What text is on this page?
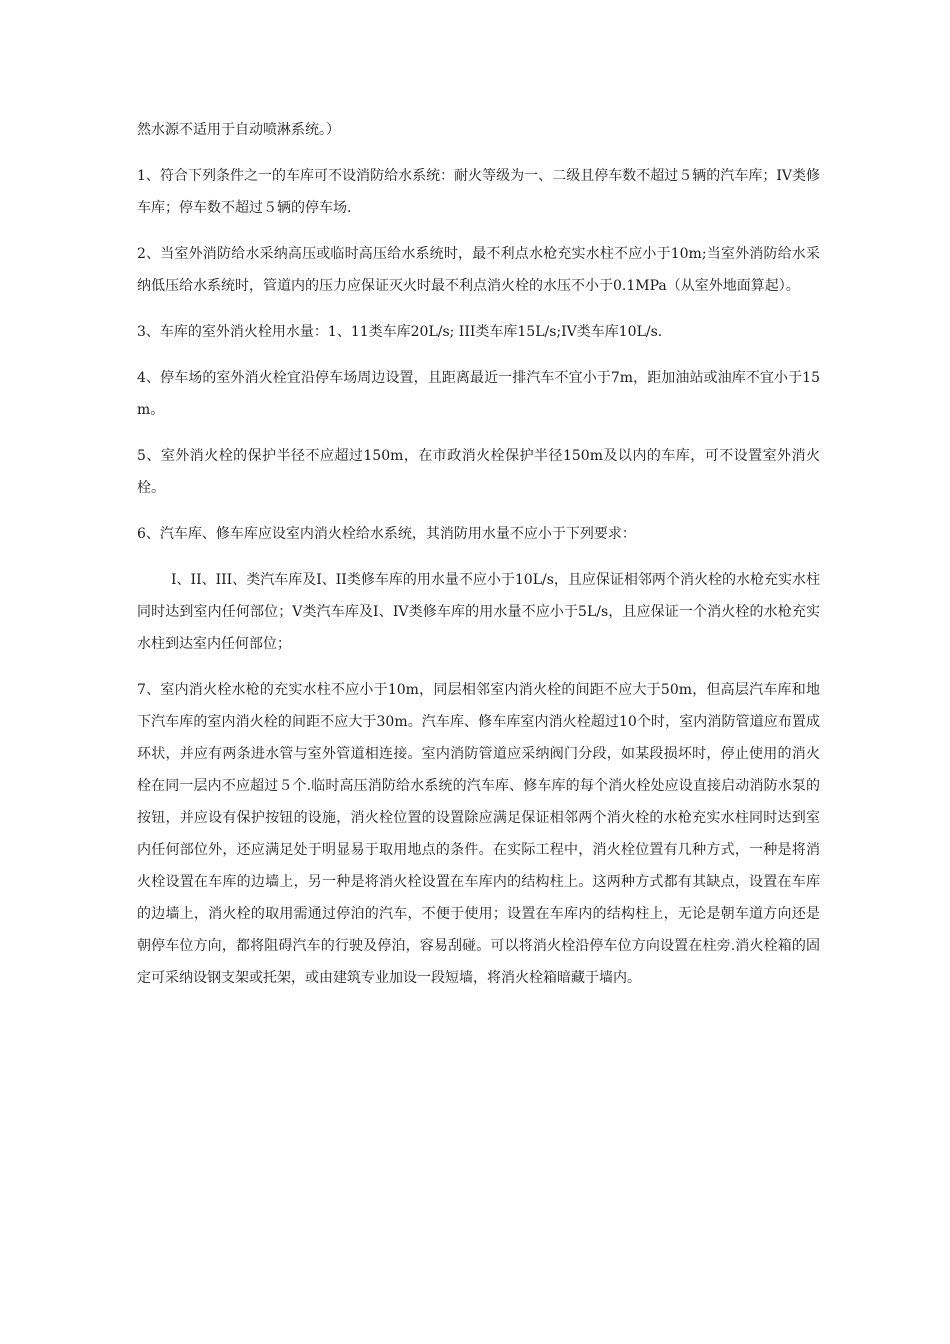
然水源不适用于自动喷淋系统。）

1、符合下列条件之一的车库可不设消防给水系统：耐火等级为一、二级且停车数不超过５辆的汽车库；IV类修车库；停车数不超过５辆的停车场.

2、当室外消防给水采纳高压或临时高压给水系统时，最不利点水枪充实水柱不应小于10m;当室外消防给水采纳低压给水系统时，管道内的压力应保证灭火时最不利点消火栓的水压不小于0.1MPa（从室外地面算起）。

3、车库的室外消火栓用水量：1、11类车库20L/s; III类车库15L/s;IV类车库10L/s.

4、停车场的室外消火栓宜沿停车场周边设置，且距离最近一排汽车不宜小于7m，距加油站或油库不宜小于15m。

5、室外消火栓的保护半径不应超过150m，在市政消火栓保护半径150m及以内的车库，可不设置室外消火栓。

6、汽车库、修车库应设室内消火栓给水系统，其消防用水量不应小于下列要求：

I、II、III、类汽车库及I、II类修车库的用水量不应小于10L/s，且应保证相邻两个消火栓的水枪充实水柱同时达到室内任何部位；V类汽车库及I、IV类修车库的用水量不应小于5L/s，且应保证一个消火栓的水枪充实水柱到达室内任何部位；

7、室内消火栓水枪的充实水柱不应小于10m，同层相邻室内消火栓的间距不应大于50m，但高层汽车库和地下汽车库的室内消火栓的间距不应大于30m。汽车库、修车库室内消火栓超过10个时，室内消防管道应布置成环状，并应有两条进水管与室外管道相连接。室内消防管道应采纳阀门分段，如某段损坏时，停止使用的消火栓在同一层内不应超过５个.临时高压消防给水系统的汽车库、修车库的每个消火栓处应设直接启动消防水泵的按钮，并应设有保护按钮的设施，消火栓位置的设置除应满足保证相邻两个消火栓的水枪充实水柱同时达到室内任何部位外，还应满足处于明显易于取用地点的条件。在实际工程中，消火栓位置有几种方式，一种是将消火栓设置在车库的边墙上，另一种是将消火栓设置在车库内的结构柱上。这两种方式都有其缺点，设置在车库的边墙上，消火栓的取用需通过停泊的汽车，不便于使用；设置在车库内的结构柱上，无论是朝车道方向还是朝停车位方向，都将阻碍汽车的行驶及停泊，容易刮碰。可以将消火栓沿停车位方向设置在柱旁.消火栓箱的固定可采纳设钢支架或托架，或由建筑专业加设一段短墙，将消火栓箱暗藏于墙内。
